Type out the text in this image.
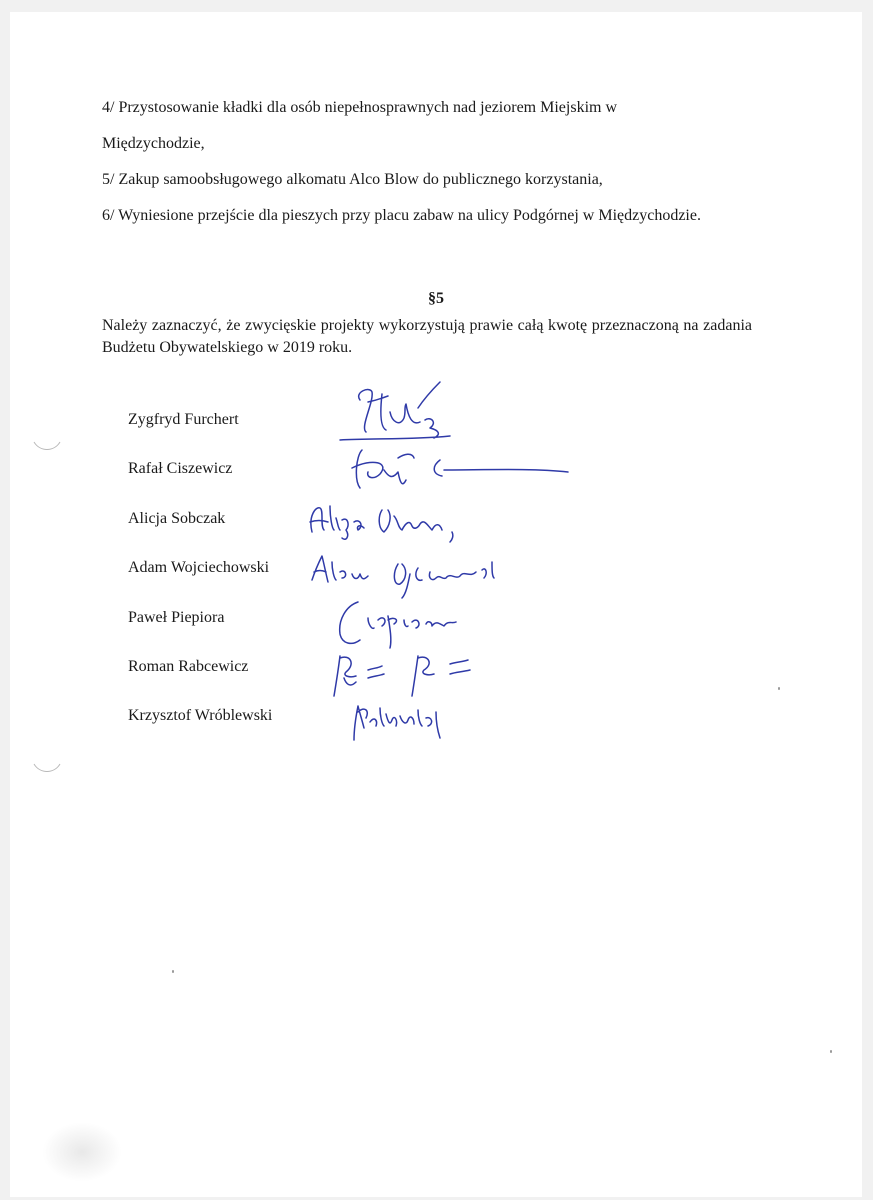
4/ Przystosowanie kładki dla osób niepełnosprawnych nad jeziorem Miejskim w
Międzychodzie,
5/ Zakup samoobsługowego alkomatu Alco Blow do publicznego korzystania,
6/ Wyniesione przejście dla pieszych przy placu zabaw na ulicy Podgórnej w Międzychodzie.
§5
Należy zaznaczyć, że zwycięskie projekty wykorzystują prawie całą kwotę przeznaczoną na zadania Budżetu Obywatelskiego w 2019 roku.
Zygfryd Furchert
Rafał Ciszewicz
Alicja Sobczak
Adam Wojciechowski
Paweł Piepiora
Roman Rabcewicz
Krzysztof Wróblewski
